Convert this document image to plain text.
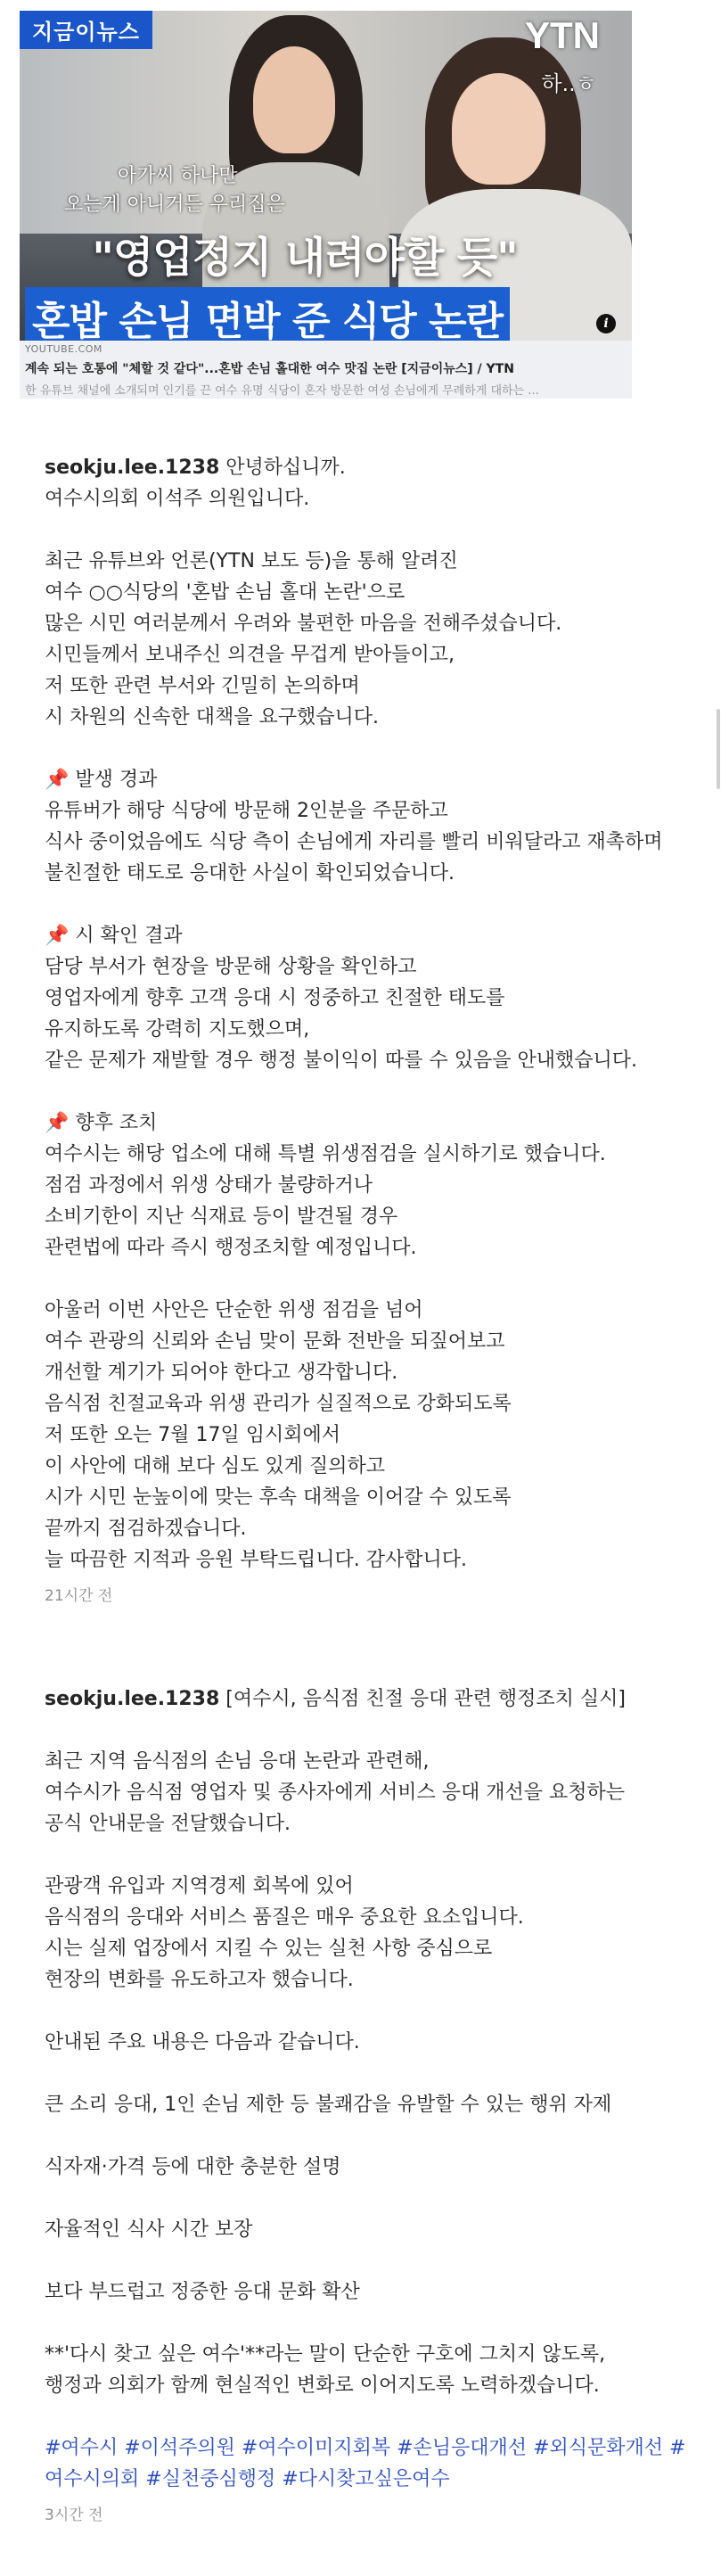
지금이뉴스	YTN
하..ㅎ
아가씨 하나만
오는게 아니거든 우리집은
"영업정지 내려야할 듯"
혼밥 손님 면박 준 식당 논란	i
YOUTUBE.COM
계속 되는 호통에 "체할 것 같다"...혼밥 손님 홀대한 여수 맛집 논란 [지금이뉴스] / YTN
한 유튜브 채널에 소개되며 인기를 끈 여수 유명 식당이 혼자 방문한 여성 손님에게 무례하게 대하는 ...
seokju.lee.1238 안녕하십니까.
여수시의회 이석주 의원입니다.
최근 유튜브와 언론(YTN 보도 등)을 통해 알려진
여수 ○○식당의 '혼밥 손님 홀대 논란'으로
많은 시민 여러분께서 우려와 불편한 마음을 전해주셨습니다.
시민들께서 보내주신 의견을 무겁게 받아들이고,
저 또한 관련 부서와 긴밀히 논의하며
시 차원의 신속한 대책을 요구했습니다.
📌 발생 경과
유튜버가 해당 식당에 방문해 2인분을 주문하고
식사 중이었음에도 식당 측이 손님에게 자리를 빨리 비워달라고 재촉하며
불친절한 태도로 응대한 사실이 확인되었습니다.
📌 시 확인 결과
담당 부서가 현장을 방문해 상황을 확인하고
영업자에게 향후 고객 응대 시 정중하고 친절한 태도를
유지하도록 강력히 지도했으며,
같은 문제가 재발할 경우 행정 불이익이 따를 수 있음을 안내했습니다.
📌 향후 조치
여수시는 해당 업소에 대해 특별 위생점검을 실시하기로 했습니다.
점검 과정에서 위생 상태가 불량하거나
소비기한이 지난 식재료 등이 발견될 경우
관련법에 따라 즉시 행정조치할 예정입니다.
아울러 이번 사안은 단순한 위생 점검을 넘어
여수 관광의 신뢰와 손님 맞이 문화 전반을 되짚어보고
개선할 계기가 되어야 한다고 생각합니다.
음식점 친절교육과 위생 관리가 실질적으로 강화되도록
저 또한 오는 7월 17일 임시회에서
이 사안에 대해 보다 심도 있게 질의하고
시가 시민 눈높이에 맞는 후속 대책을 이어갈 수 있도록
끝까지 점검하겠습니다.
늘 따끔한 지적과 응원 부탁드립니다. 감사합니다.
21시간 전
seokju.lee.1238 [여수시, 음식점 친절 응대 관련 행정조치 실시]
최근 지역 음식점의 손님 응대 논란과 관련해,
여수시가 음식점 영업자 및 종사자에게 서비스 응대 개선을 요청하는
공식 안내문을 전달했습니다.
관광객 유입과 지역경제 회복에 있어
음식점의 응대와 서비스 품질은 매우 중요한 요소입니다.
시는 실제 업장에서 지킬 수 있는 실천 사항 중심으로
현장의 변화를 유도하고자 했습니다.
안내된 주요 내용은 다음과 같습니다.
큰 소리 응대, 1인 손님 제한 등 불쾌감을 유발할 수 있는 행위 자제
식자재·가격 등에 대한 충분한 설명
자율적인 식사 시간 보장
보다 부드럽고 정중한 응대 문화 확산
**'다시 찾고 싶은 여수'**라는 말이 단순한 구호에 그치지 않도록,
행정과 의회가 함께 현실적인 변화로 이어지도록 노력하겠습니다.
#여수시 #이석주의원 #여수이미지회복 #손님응대개선 #외식문화개선 #여수시의회 #실천중심행정 #다시찾고싶은여수
3시간 전
